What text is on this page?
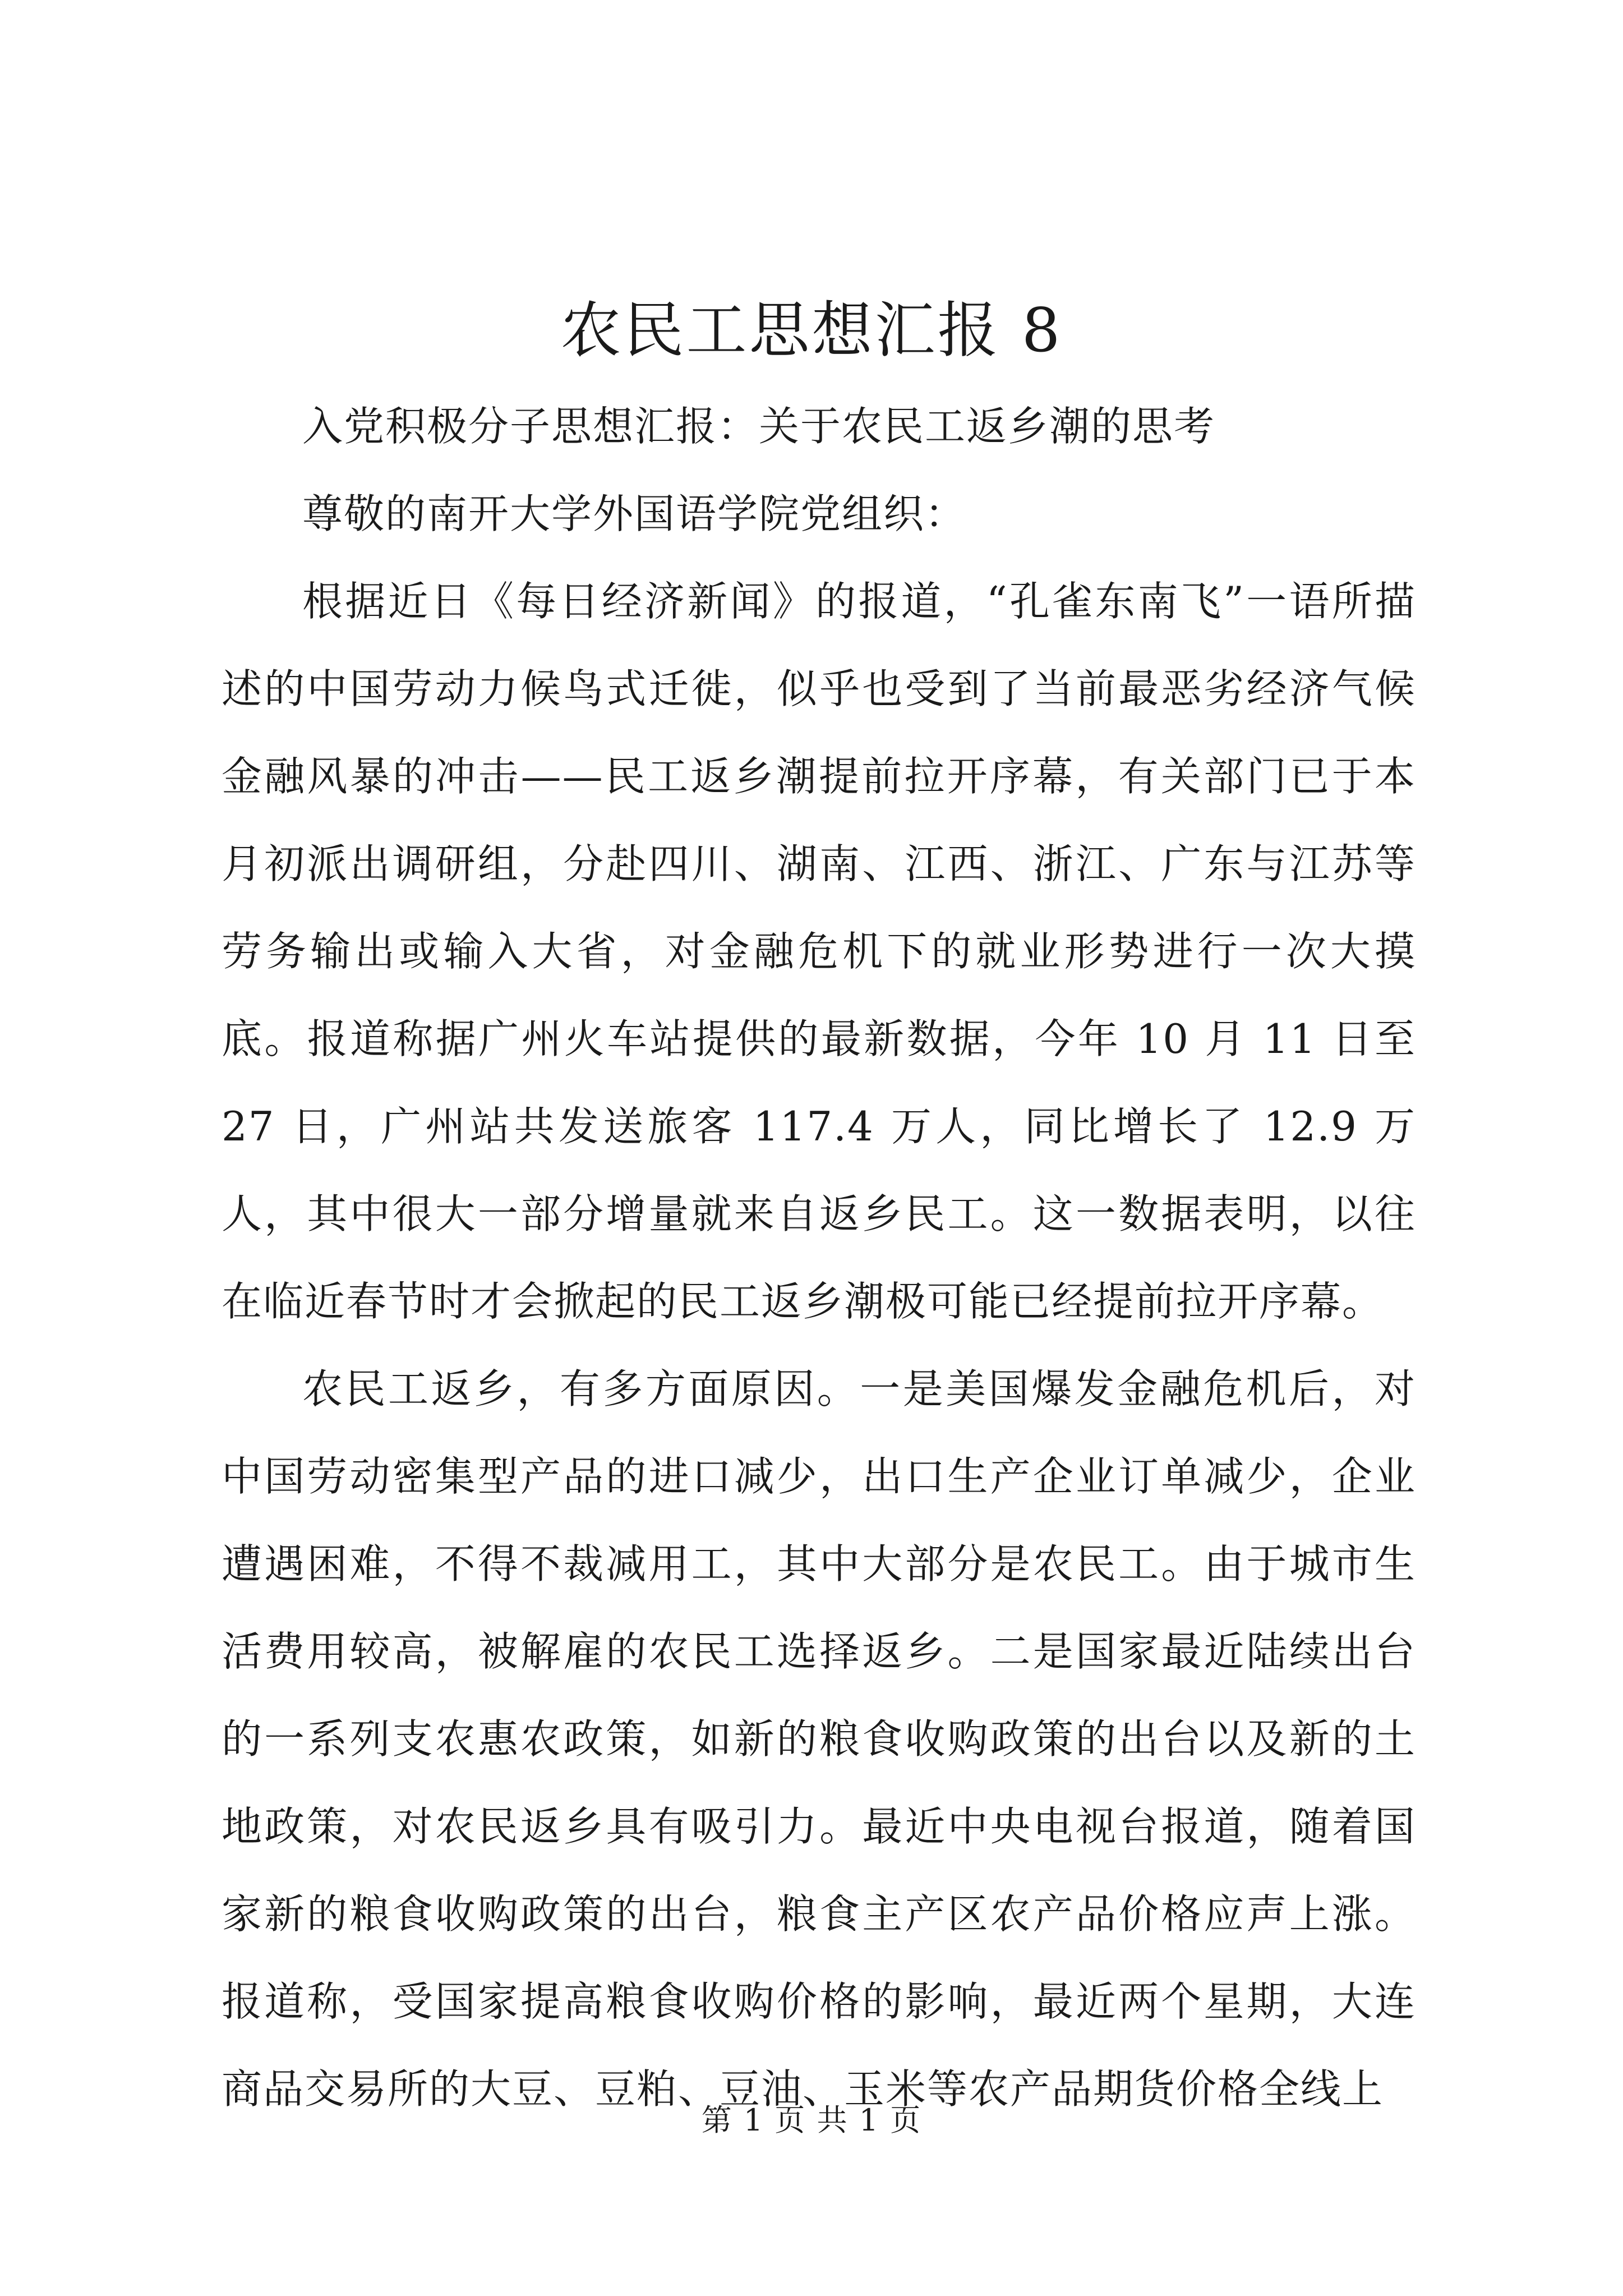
农民工思想汇报 8

入党积极分子思想汇报：关于农民工返乡潮的思考

尊敬的南开大学外国语学院党组织：

根据近日《每日经济新闻》的报道，“孔雀东南飞”一语所描述的中国劳动力候鸟式迁徙，似乎也受到了当前最恶劣经济气候金融风暴的冲击——民工返乡潮提前拉开序幕，有关部门已于本月初派出调研组，分赴四川、湖南、江西、浙江、广东与江苏等劳务输出或输入大省，对金融危机下的就业形势进行一次大摸底。报道称据广州火车站提供的最新数据，今年 10 月 11 日至 27 日，广州站共发送旅客 117.4 万人，同比增长了 12.9 万人，其中很大一部分增量就来自返乡民工。这一数据表明，以往在临近春节时才会掀起的民工返乡潮极可能已经提前拉开序幕。

农民工返乡，有多方面原因。一是美国爆发金融危机后，对中国劳动密集型产品的进口减少，出口生产企业订单减少，企业遭遇困难，不得不裁减用工，其中大部分是农民工。由于城市生活费用较高，被解雇的农民工选择返乡。二是国家最近陆续出台的一系列支农惠农政策，如新的粮食收购政策的出台以及新的土地政策，对农民返乡具有吸引力。最近中央电视台报道，随着国家新的粮食收购政策的出台，粮食主产区农产品价格应声上涨。报道称，受国家提高粮食收购价格的影响，最近两个星期，大连商品交易所的大豆、豆粕、豆油、玉米等农产品期货价格全线上

第 1 页 共 1 页
